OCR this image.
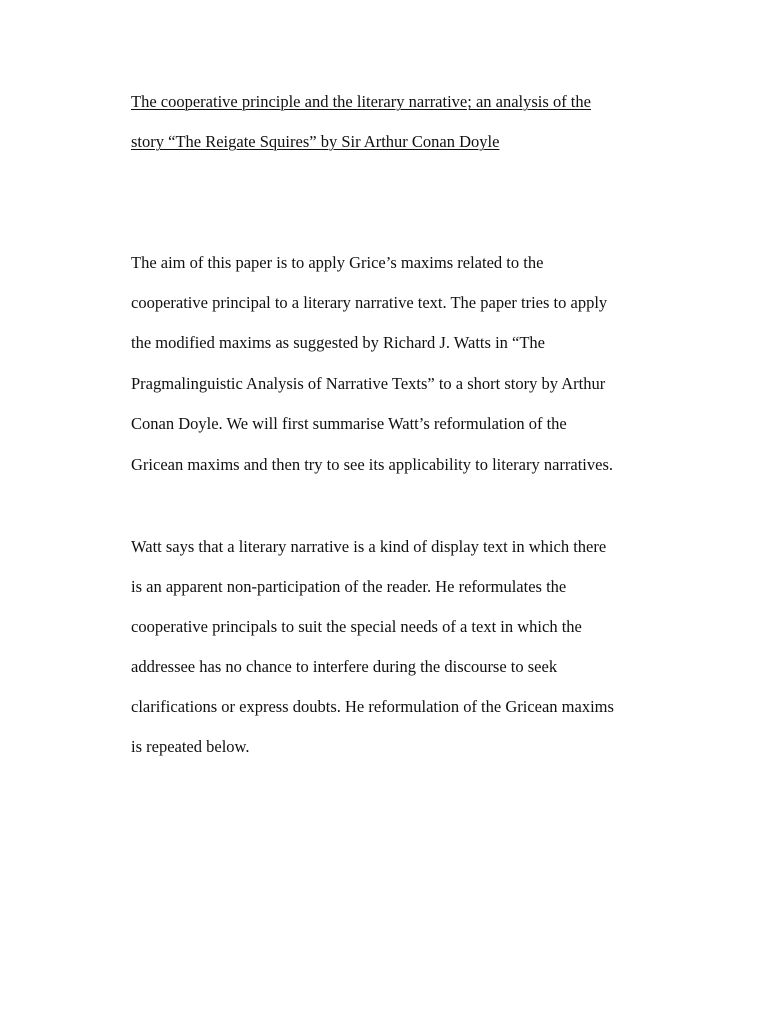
The cooperative principle and the literary narrative; an analysis of the
story “The Reigate Squires” by Sir Arthur Conan Doyle
The aim of this paper is to apply Grice’s maxims related to the
cooperative principal to a literary narrative text. The paper tries to apply
the modified maxims as suggested by Richard J. Watts in “The
Pragmalinguistic Analysis of Narrative Texts” to a short story by Arthur
Conan Doyle. We will first summarise Watt’s reformulation of the
Gricean maxims and then try to see its applicability to literary narratives.
Watt says that a literary narrative is a kind of display text in which there
is an apparent non-participation of the reader. He reformulates the
cooperative principals to suit the special needs of a text in which the
addressee has no chance to interfere during the discourse to seek
clarifications or express doubts. He reformulation of the Gricean maxims
is repeated below.
